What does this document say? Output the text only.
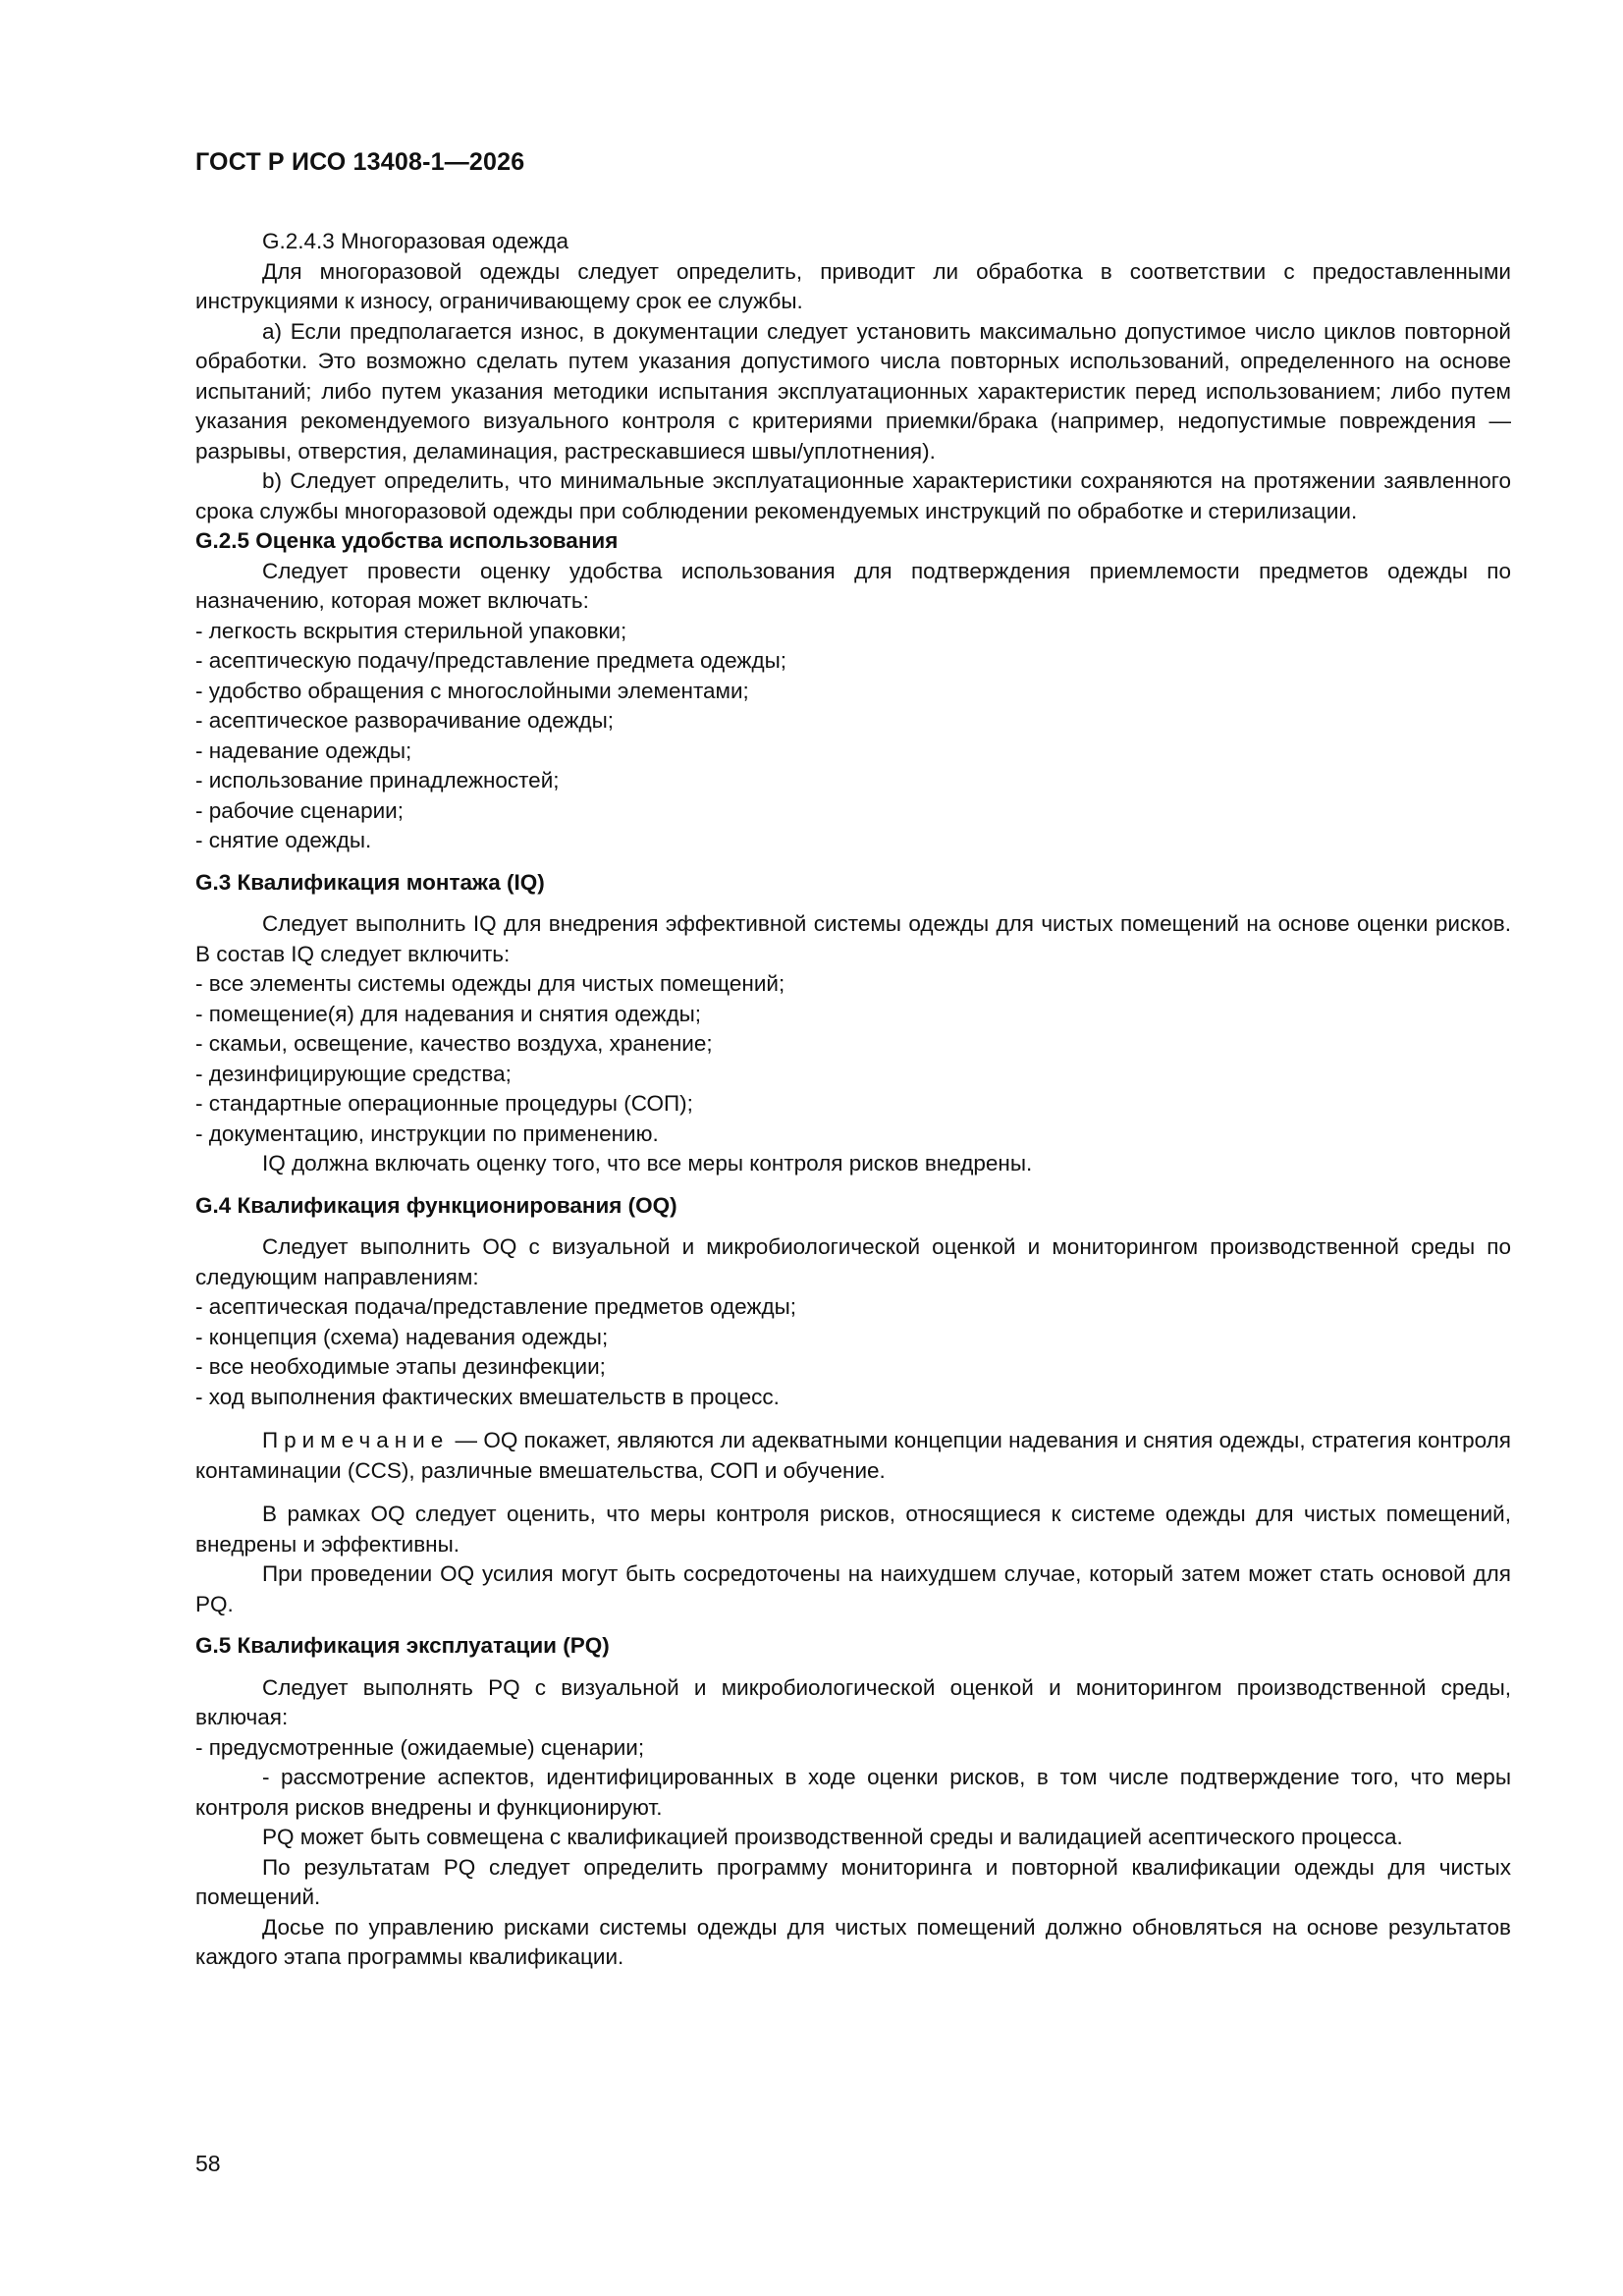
ГОСТ Р ИСО 13408-1—2026

G.2.4.3 Многоразовая одежда

Для многоразовой одежды следует определить, приводит ли обработка в соответствии с предоставленными инструкциями к износу, ограничивающему срок ее службы.

a) Если предполагается износ, в документации следует установить максимально допустимое число циклов повторной обработки. Это возможно сделать путем указания допустимого числа повторных использований, определенного на основе испытаний; либо путем указания методики испытания эксплуатационных характеристик перед использованием; либо путем указания рекомендуемого визуального контроля с критериями приемки/брака (например, недопустимые повреждения — разрывы, отверстия, деламинация, растрескавшиеся швы/уплотнения).

b) Следует определить, что минимальные эксплуатационные характеристики сохраняются на протяжении заявленного срока службы многоразовой одежды при соблюдении рекомендуемых инструкций по обработке и стерилизации.

G.2.5 Оценка удобства использования

Следует провести оценку удобства использования для подтверждения приемлемости предметов одежды по назначению, которая может включать:

- легкость вскрытия стерильной упаковки;

- асептическую подачу/представление предмета одежды;

- удобство обращения с многослойными элементами;

- асептическое разворачивание одежды;

- надевание одежды;

- использование принадлежностей;

- рабочие сценарии;

- снятие одежды.

G.3 Квалификация монтажа (IQ)

Следует выполнить IQ для внедрения эффективной системы одежды для чистых помещений на основе оценки рисков. В состав IQ следует включить:

- все элементы системы одежды для чистых помещений;

- помещение(я) для надевания и снятия одежды;

- скамьи, освещение, качество воздуха, хранение;

- дезинфицирующие средства;

- стандартные операционные процедуры (СОП);

- документацию, инструкции по применению.

IQ должна включать оценку того, что все меры контроля рисков внедрены.

G.4 Квалификация функционирования (OQ)

Следует выполнить OQ с визуальной и микробиологической оценкой и мониторингом производственной среды по следующим направлениям:

- асептическая подача/представление предметов одежды;

- концепция (схема) надевания одежды;

- все необходимые этапы дезинфекции;

- ход выполнения фактических вмешательств в процесс.

Примечание — OQ покажет, являются ли адекватными концепции надевания и снятия одежды, стратегия контроля контаминации (CCS), различные вмешательства, СОП и обучение.

В рамках OQ следует оценить, что меры контроля рисков, относящиеся к системе одежды для чистых помещений, внедрены и эффективны.

При проведении OQ усилия могут быть сосредоточены на наихудшем случае, который затем может стать основой для PQ.

G.5 Квалификация эксплуатации (PQ)

Следует выполнять PQ с визуальной и микробиологической оценкой и мониторингом производственной среды, включая:

- предусмотренные (ожидаемые) сценарии;

- рассмотрение аспектов, идентифицированных в ходе оценки рисков, в том числе подтверждение того, что меры контроля рисков внедрены и функционируют.

PQ может быть совмещена с квалификацией производственной среды и валидацией асептического процесса.

По результатам PQ следует определить программу мониторинга и повторной квалификации одежды для чистых помещений.

Досье по управлению рисками системы одежды для чистых помещений должно обновляться на основе результатов каждого этапа программы квалификации.

58
